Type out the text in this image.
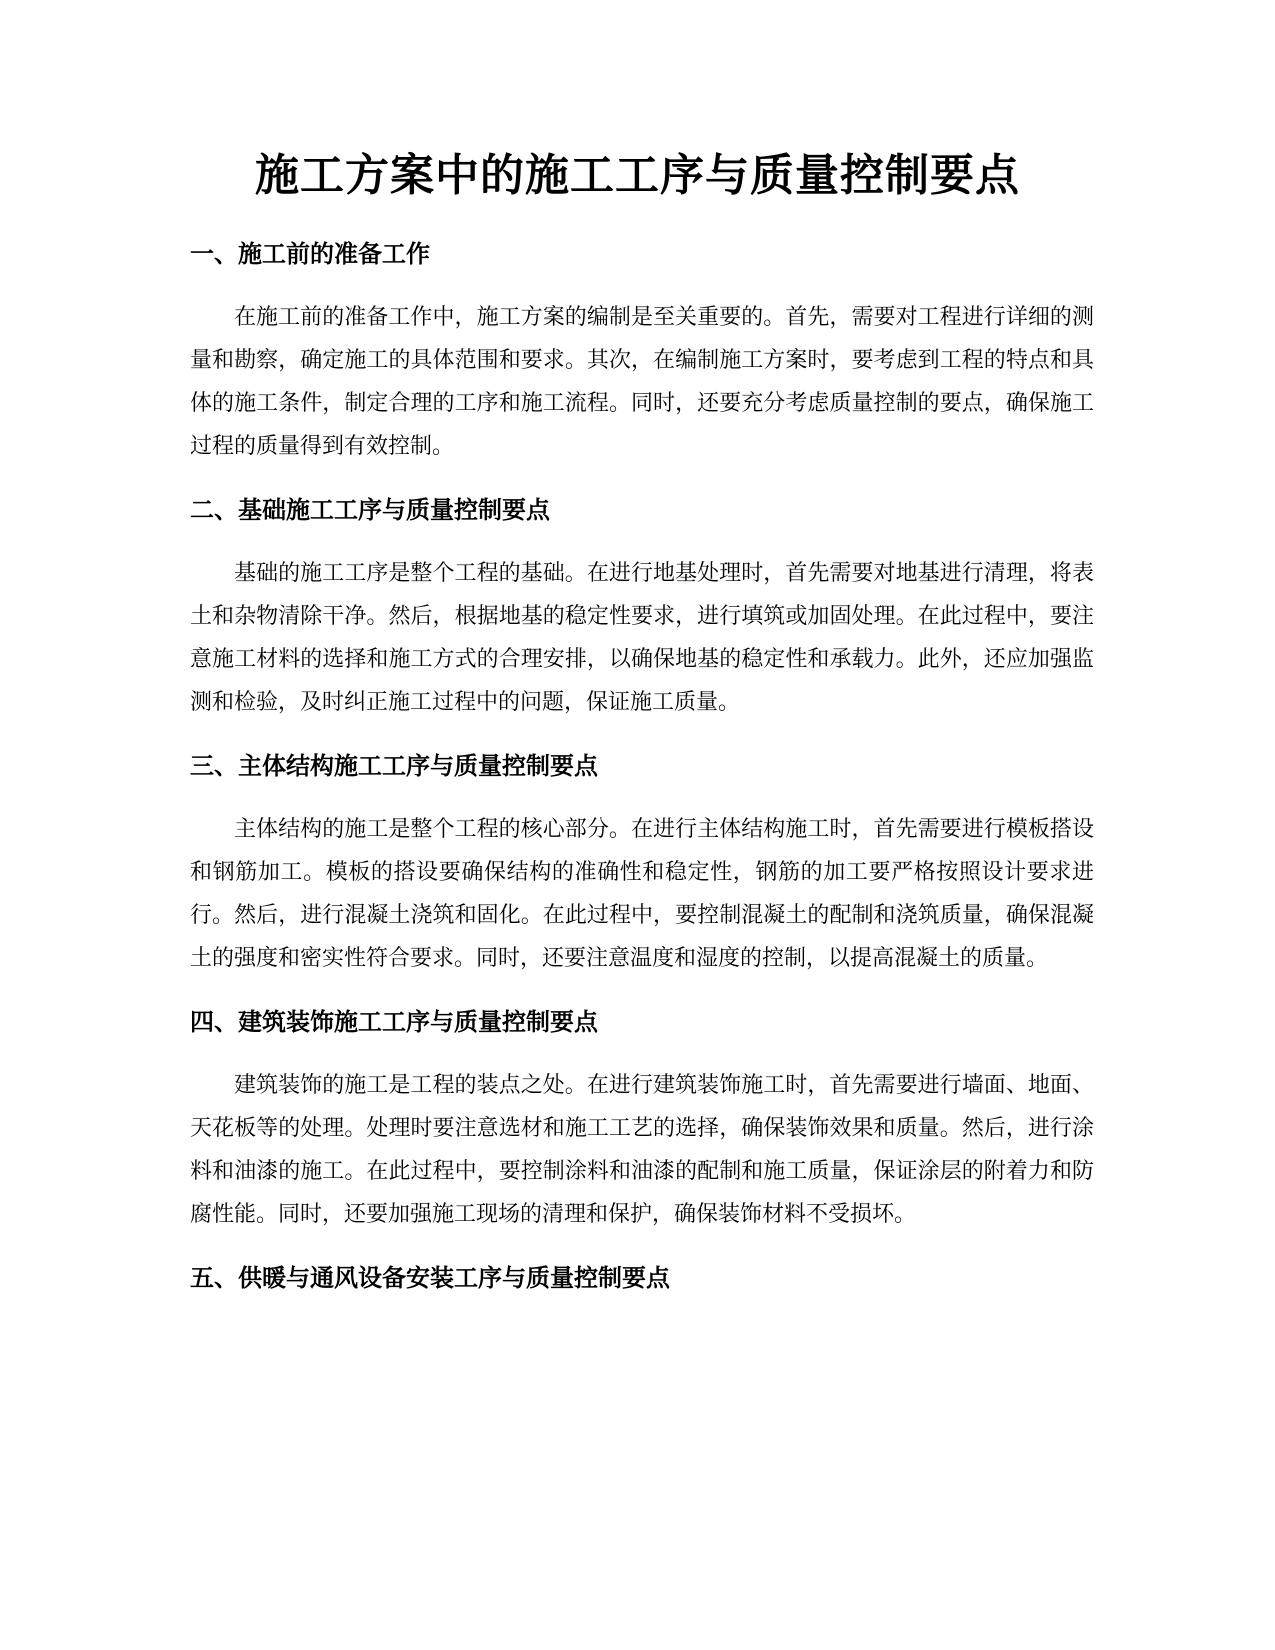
施工方案中的施工工序与质量控制要点
一、施工前的准备工作

在施工前的准备工作中，施工方案的编制是至关重要的。首先，需要对工程进行详细的测量和勘察，确定施工的具体范围和要求。其次，在编制施工方案时，要考虑到工程的特点和具体的施工条件，制定合理的工序和施工流程。同时，还要充分考虑质量控制的要点，确保施工过程的质量得到有效控制。

二、基础施工工序与质量控制要点

基础的施工工序是整个工程的基础。在进行地基处理时，首先需要对地基进行清理，将表土和杂物清除干净。然后，根据地基的稳定性要求，进行填筑或加固处理。在此过程中，要注意施工材料的选择和施工方式的合理安排，以确保地基的稳定性和承载力。此外，还应加强监测和检验，及时纠正施工过程中的问题，保证施工质量。

三、主体结构施工工序与质量控制要点

主体结构的施工是整个工程的核心部分。在进行主体结构施工时，首先需要进行模板搭设和钢筋加工。模板的搭设要确保结构的准确性和稳定性，钢筋的加工要严格按照设计要求进行。然后，进行混凝土浇筑和固化。在此过程中，要控制混凝土的配制和浇筑质量，确保混凝土的强度和密实性符合要求。同时，还要注意温度和湿度的控制，以提高混凝土的质量。

四、建筑装饰施工工序与质量控制要点

建筑装饰的施工是工程的装点之处。在进行建筑装饰施工时，首先需要进行墙面、地面、天花板等的处理。处理时要注意选材和施工工艺的选择，确保装饰效果和质量。然后，进行涂料和油漆的施工。在此过程中，要控制涂料和油漆的配制和施工质量，保证涂层的附着力和防腐性能。同时，还要加强施工现场的清理和保护，确保装饰材料不受损坏。

五、供暖与通风设备安装工序与质量控制要点
